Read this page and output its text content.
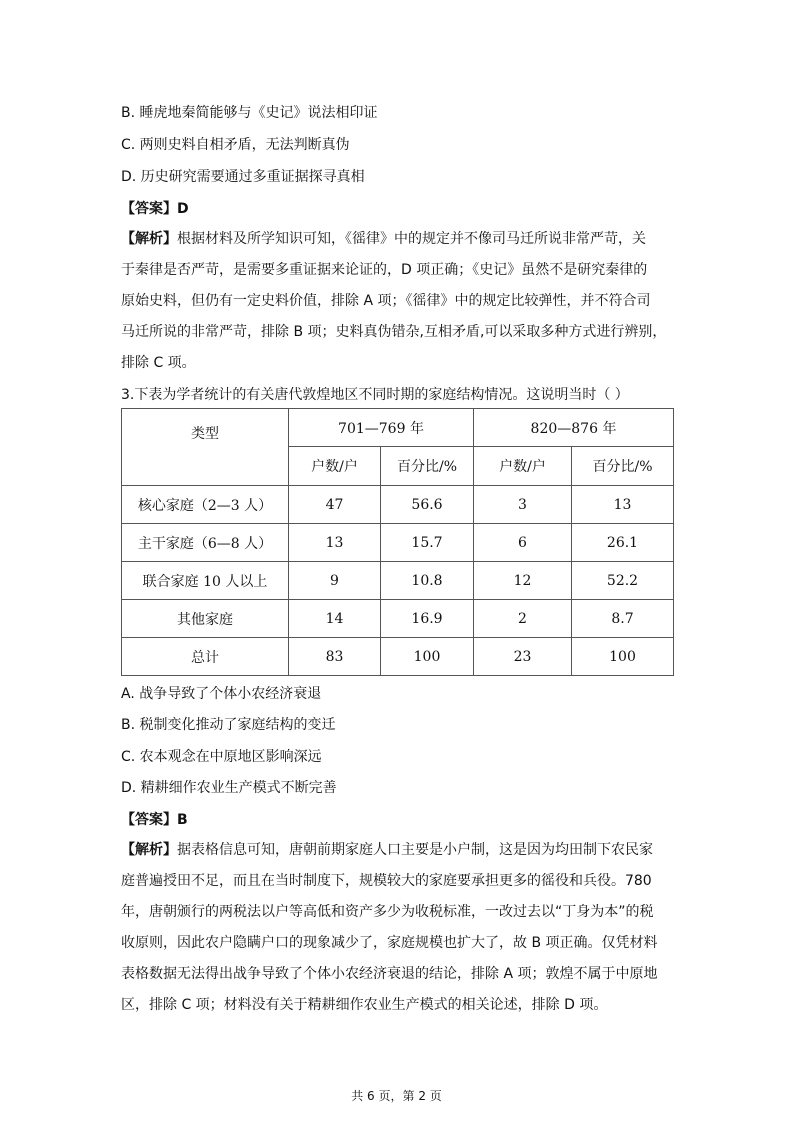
B. 睡虎地秦简能够与《史记》说法相印证
C. 两则史料自相矛盾，无法判断真伪
D. 历史研究需要通过多重证据探寻真相
【答案】D
【解析】根据材料及所学知识可知，《徭律》中的规定并不像司马迁所说非常严苛，关
于秦律是否严苛，是需要多重证据来论证的，D 项正确；《史记》虽然不是研究秦律的
原始史料，但仍有一定史料价值，排除 A 项；《徭律》中的规定比较弹性，并不符合司
马迁所说的非常严苛，排除 B 项；史料真伪错杂,互相矛盾,可以采取多种方式进行辨别，
排除 C 项。
3.下表为学者统计的有关唐代敦煌地区不同时期的家庭结构情况。这说明当时（ ）
类型	701—769 年		820—876 年	
	户数/户	百分比/%	户数/户	百分比/%
核心家庭（2—3 人）	47	56.6	3	13
主干家庭（6—8 人）	13	15.7	6	26.1
联合家庭 10 人以上	9	10.8	12	52.2
其他家庭	14	16.9	2	8.7
总计	83	100	23	100
A. 战争导致了个体小农经济衰退
B. 税制变化推动了家庭结构的变迁
C. 农本观念在中原地区影响深远
D. 精耕细作农业生产模式不断完善
【答案】B
【解析】据表格信息可知，唐朝前期家庭人口主要是小户制，这是因为均田制下农民家
庭普遍授田不足，而且在当时制度下，规模较大的家庭要承担更多的徭役和兵役。780
年，唐朝颁行的两税法以户等高低和资产多少为收税标准，一改过去以“丁身为本”的税
收原则，因此农户隐瞒户口的现象减少了，家庭规模也扩大了，故 B 项正确。仅凭材料
表格数据无法得出战争导致了个体小农经济衰退的结论，排除 A 项；敦煌不属于中原地
区，排除 C 项；材料没有关于精耕细作农业生产模式的相关论述，排除 D 项。
共 6 页，第 2 页
